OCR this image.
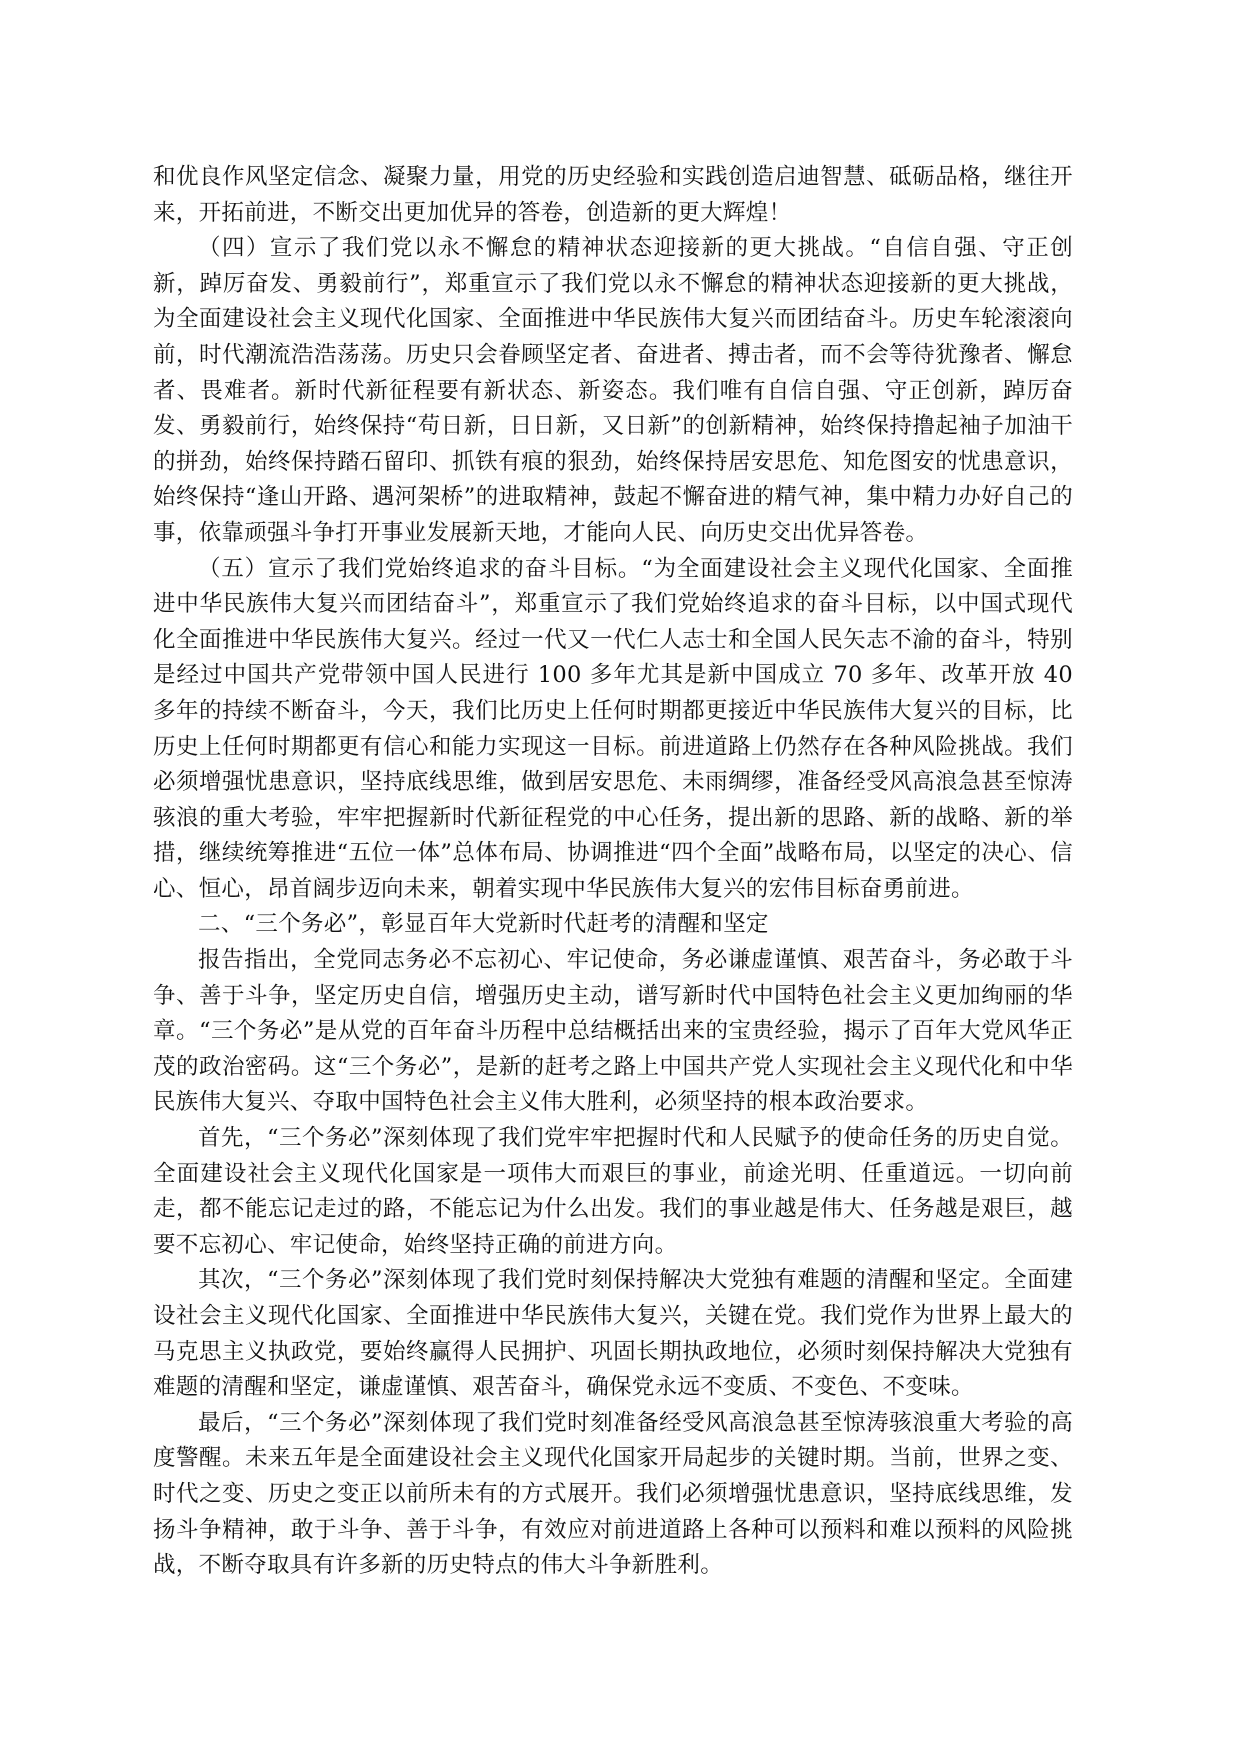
和优良作风坚定信念、凝聚力量，用党的历史经验和实践创造启迪智慧、砥砺品格，继往开来，开拓前进，不断交出更加优异的答卷，创造新的更大辉煌！

（四）宣示了我们党以永不懈怠的精神状态迎接新的更大挑战。“自信自强、守正创新，踔厉奋发、勇毅前行”，郑重宣示了我们党以永不懈怠的精神状态迎接新的更大挑战，为全面建设社会主义现代化国家、全面推进中华民族伟大复兴而团结奋斗。历史车轮滚滚向前，时代潮流浩浩荡荡。历史只会眷顾坚定者、奋进者、搏击者，而不会等待犹豫者、懈怠者、畏难者。新时代新征程要有新状态、新姿态。我们唯有自信自强、守正创新，踔厉奋发、勇毅前行，始终保持“苟日新，日日新，又日新”的创新精神，始终保持撸起袖子加油干的拼劲，始终保持踏石留印、抓铁有痕的狠劲，始终保持居安思危、知危图安的忧患意识，始终保持“逢山开路、遇河架桥”的进取精神，鼓起不懈奋进的精气神，集中精力办好自己的事，依靠顽强斗争打开事业发展新天地，才能向人民、向历史交出优异答卷。

（五）宣示了我们党始终追求的奋斗目标。“为全面建设社会主义现代化国家、全面推进中华民族伟大复兴而团结奋斗”，郑重宣示了我们党始终追求的奋斗目标，以中国式现代化全面推进中华民族伟大复兴。经过一代又一代仁人志士和全国人民矢志不渝的奋斗，特别是经过中国共产党带领中国人民进行 100 多年尤其是新中国成立 70 多年、改革开放 40 多年的持续不断奋斗，今天，我们比历史上任何时期都更接近中华民族伟大复兴的目标，比历史上任何时期都更有信心和能力实现这一目标。前进道路上仍然存在各种风险挑战。我们必须增强忧患意识，坚持底线思维，做到居安思危、未雨绸缪，准备经受风高浪急甚至惊涛骇浪的重大考验，牢牢把握新时代新征程党的中心任务，提出新的思路、新的战略、新的举措，继续统筹推进“五位一体”总体布局、协调推进“四个全面”战略布局，以坚定的决心、信心、恒心，昂首阔步迈向未来，朝着实现中华民族伟大复兴的宏伟目标奋勇前进。

二、“三个务必”，彰显百年大党新时代赶考的清醒和坚定

报告指出，全党同志务必不忘初心、牢记使命，务必谦虚谨慎、艰苦奋斗，务必敢于斗争、善于斗争，坚定历史自信，增强历史主动，谱写新时代中国特色社会主义更加绚丽的华章。“三个务必”是从党的百年奋斗历程中总结概括出来的宝贵经验，揭示了百年大党风华正茂的政治密码。这“三个务必”，是新的赶考之路上中国共产党人实现社会主义现代化和中华民族伟大复兴、夺取中国特色社会主义伟大胜利，必须坚持的根本政治要求。

首先，“三个务必”深刻体现了我们党牢牢把握时代和人民赋予的使命任务的历史自觉。全面建设社会主义现代化国家是一项伟大而艰巨的事业，前途光明、任重道远。一切向前走，都不能忘记走过的路，不能忘记为什么出发。我们的事业越是伟大、任务越是艰巨，越要不忘初心、牢记使命，始终坚持正确的前进方向。

其次，“三个务必”深刻体现了我们党时刻保持解决大党独有难题的清醒和坚定。全面建设社会主义现代化国家、全面推进中华民族伟大复兴，关键在党。我们党作为世界上最大的马克思主义执政党，要始终赢得人民拥护、巩固长期执政地位，必须时刻保持解决大党独有难题的清醒和坚定，谦虚谨慎、艰苦奋斗，确保党永远不变质、不变色、不变味。

最后，“三个务必”深刻体现了我们党时刻准备经受风高浪急甚至惊涛骇浪重大考验的高度警醒。未来五年是全面建设社会主义现代化国家开局起步的关键时期。当前，世界之变、时代之变、历史之变正以前所未有的方式展开。我们必须增强忧患意识，坚持底线思维，发扬斗争精神，敢于斗争、善于斗争，有效应对前进道路上各种可以预料和难以预料的风险挑战，不断夺取具有许多新的历史特点的伟大斗争新胜利。
